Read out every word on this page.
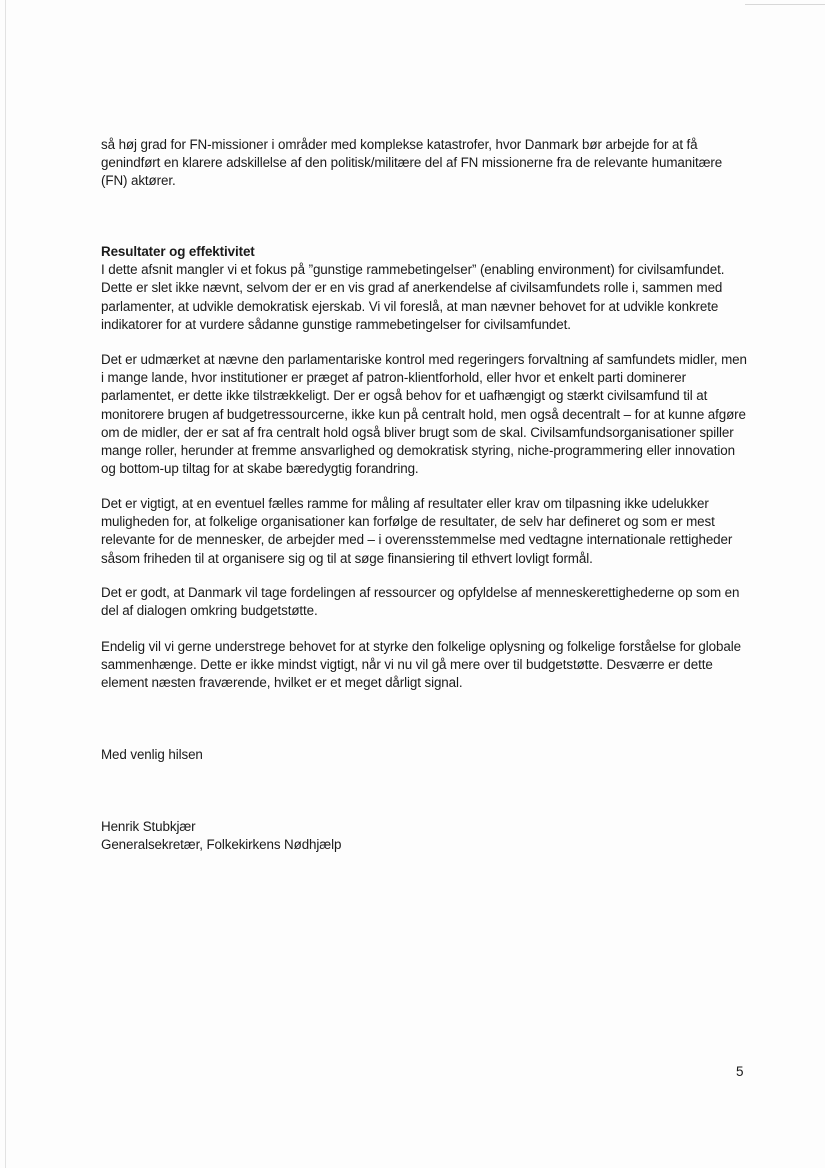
så høj grad for FN-missioner i områder med komplekse katastrofer, hvor Danmark bør arbejde for at få genindført en klarere adskillelse af den politisk/militære del af FN missionerne fra de relevante humanitære (FN) aktører.

Resultater og effektivitet

I dette afsnit mangler vi et fokus på ”gunstige rammebetingelser” (enabling environment) for civilsamfundet. Dette er slet ikke nævnt, selvom der er en vis grad af anerkendelse af civilsamfundets rolle i, sammen med parlamenter, at udvikle demokratisk ejerskab. Vi vil foreslå, at man nævner behovet for at udvikle konkrete indikatorer for at vurdere sådanne gunstige rammebetingelser for civilsamfundet.

Det er udmærket at nævne den parlamentariske kontrol med regeringers forvaltning af samfundets midler, men i mange lande, hvor institutioner er præget af patron-klientforhold, eller hvor et enkelt parti dominerer parlamentet, er dette ikke tilstrækkeligt. Der er også behov for et uafhængigt og stærkt civilsamfund til at monitorere brugen af budgetressourcerne, ikke kun på centralt hold, men også decentralt – for at kunne afgøre om de midler, der er sat af fra centralt hold også bliver brugt som de skal. Civilsamfundsorganisationer spiller mange roller, herunder at fremme ansvarlighed og demokratisk styring, niche-programmering eller innovation og bottom-up tiltag for at skabe bæredygtig forandring.

Det er vigtigt, at en eventuel fælles ramme for måling af resultater eller krav om tilpasning ikke udelukker muligheden for, at folkelige organisationer kan forfølge de resultater, de selv har defineret og som er mest relevante for de mennesker, de arbejder med – i overensstemmelse med vedtagne internationale rettigheder såsom friheden til at organisere sig og til at søge finansiering til ethvert lovligt formål.

Det er godt, at Danmark vil tage fordelingen af ressourcer og opfyldelse af menneskerettighederne op som en del af dialogen omkring budgetstøtte.

Endelig vil vi gerne understrege behovet for at styrke den folkelige oplysning og folkelige forståelse for globale sammenhænge. Dette er ikke mindst vigtigt, når vi nu vil gå mere over til budgetstøtte. Desværre er dette element næsten fraværende, hvilket er et meget dårligt signal.

Med venlig hilsen

Henrik Stubkjær

Generalsekretær, Folkekirkens Nødhjælp

5
